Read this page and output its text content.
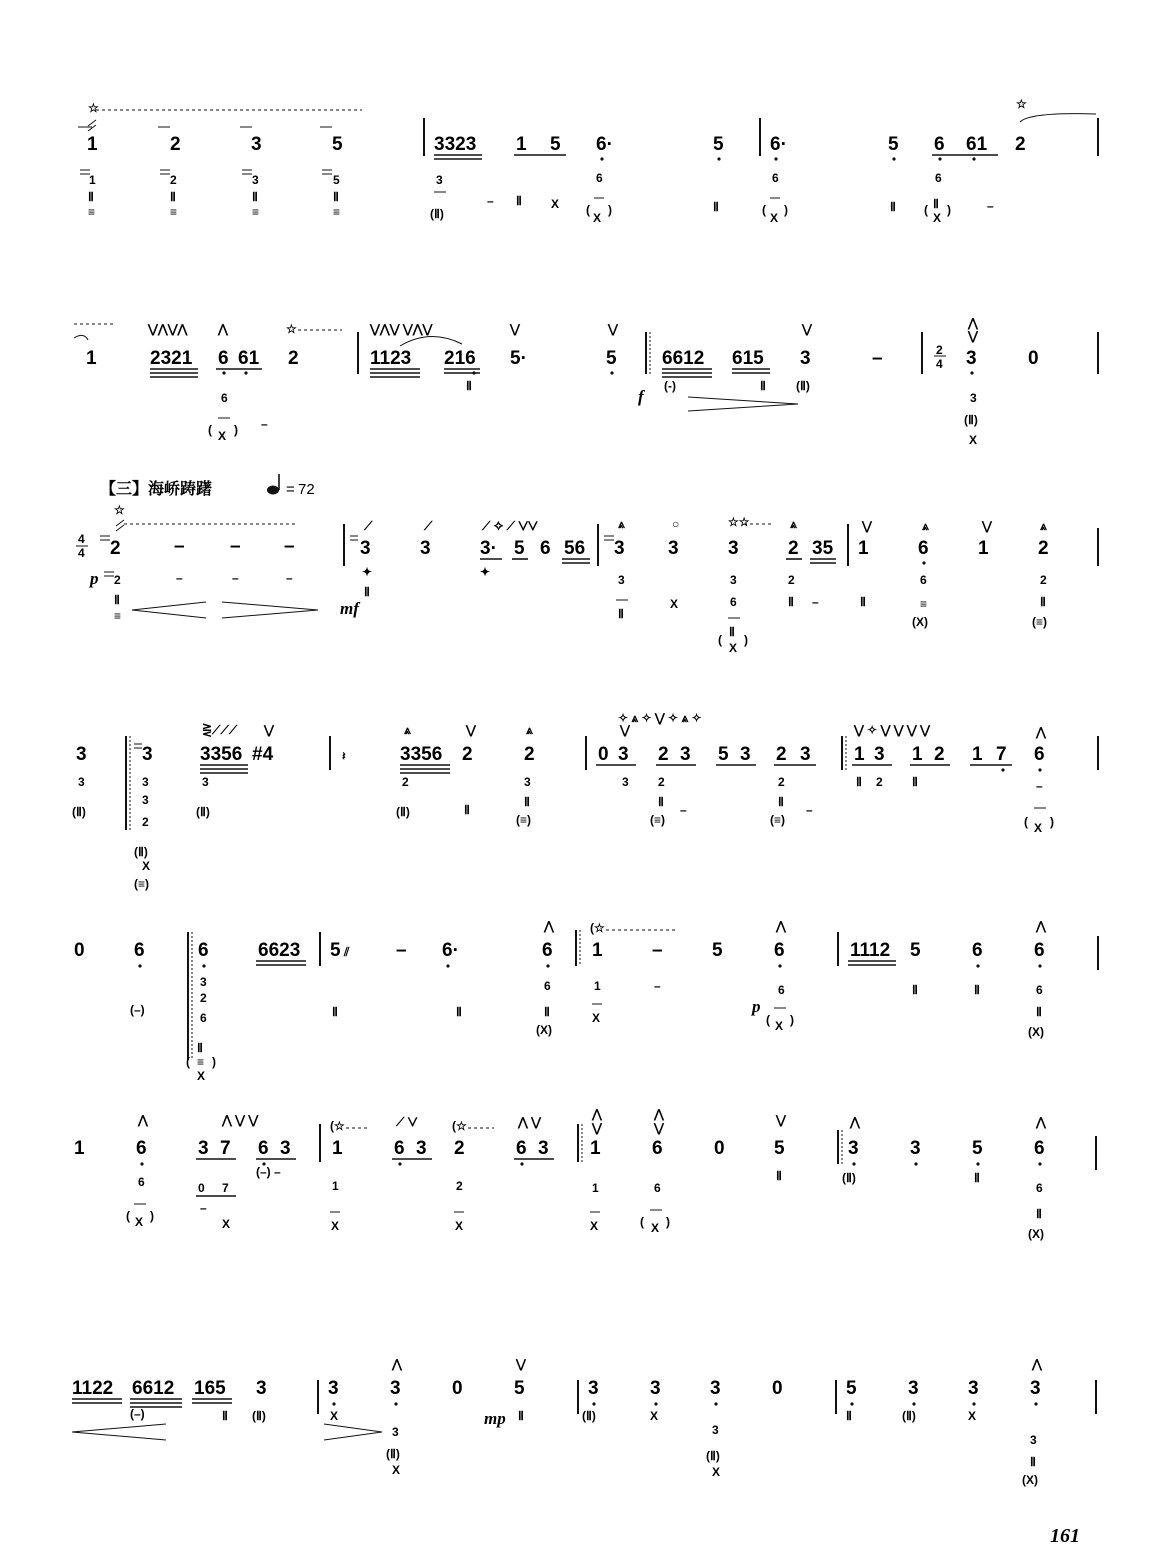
☆
1	2	3	5	3323 1 5 6·	5 6·	5 6 61 2
☆
1
Ⅱ
≡
2
Ⅱ
≡
3
Ⅱ
≡
5
Ⅱ
≡
3
(Ⅱ)
– Ⅱ X
6
(
X
)	Ⅱ
6
(
X
)	Ⅱ
6
( Ⅱ
X
)	–
1
⋁⋀⋁⋀
2321
⋀
6 61
☆
2
⋁⋀⋁ ⋁⋀⋁
1123 216
Ⅱ
⋁
5·
⋁
5 6612
(-)
615
Ⅱ
⋁
3
(Ⅱ)
–	2
4
⋀
⋁
3	0
6
( X ) –
f	3
(Ⅱ)
X
【三】海峤踌躇	= 72
☆
4
4 2	– – –
⟋
3
⟋
3
⟋ ✧ ⟋ ⋁⋁
3· 5 6 56
⩓
3
○
3
☆☆
3
⩓
2 35
⋁
1
⩓
6
⋁
1
⩓
2
p 2	–	–	–
Ⅱ
≡	mf
✦
Ⅱ
✦
3
Ⅱ
X
3
6
(
Ⅱ
X
)
2
Ⅱ –	Ⅱ
6
≡
(X)
2
Ⅱ
(≡)
3	3
⋛⟋⟋⟋
3356
⋁
#4	𝄽
⩓
3356
⋁
2
⩓
2
✧ ⩓ ✧ ⋁ ✧ ⩓ ✧
⋁
0 3 2 3 5 3 2 3
⋁ ✧ ⋁ ⋁ ⋁ ⋁
1 3 1 2 1 7
⋀
6
3
(Ⅱ)
3
3
2
(Ⅱ)
X
(≡)
3
(Ⅱ)
2
(Ⅱ)	Ⅱ
3
Ⅱ
(≡)
3 2
Ⅱ
(≡)
–
2
Ⅱ
(≡)
–
Ⅱ 2 Ⅱ	–
( X )
0	6	6	6623 5 ⫽ – 6·
⋀
6
(☆
1	–	5
⋀
6	1112 5	6
⋀
6
(–)
3
2
6
(
Ⅱ
≡
X
)
Ⅱ	Ⅱ
6
Ⅱ
(X)
1
X
–
p
6
( X )
Ⅱ	Ⅱ	6
Ⅱ
(X)
1
⋀
6
⋀ ⋁ ⋁
3 7 6 3
(–) –
(☆
1
⟋ ⋁
6 3
(☆
2
⋀ ⋁
6 3
⋀
⋁
1
⋀
⋁
6	0
⋁
5
Ⅱ
⋀
3
(Ⅱ)
3	5
Ⅱ
⋀
6
6
( X )
0 7
–
X
1
X
2
X
1
X
6
( X )
6
Ⅱ
(X)
1122 6612
(–)
165
Ⅱ
3
(Ⅱ)
3
X
⋀
3	0
⋁
5
mp Ⅱ
3
(Ⅱ)
3
X
3	0	5
Ⅱ
3
(Ⅱ)
3
X
⋀
3
3
(Ⅱ)
X
3
(Ⅱ)
X
3
Ⅱ
(X)
161
